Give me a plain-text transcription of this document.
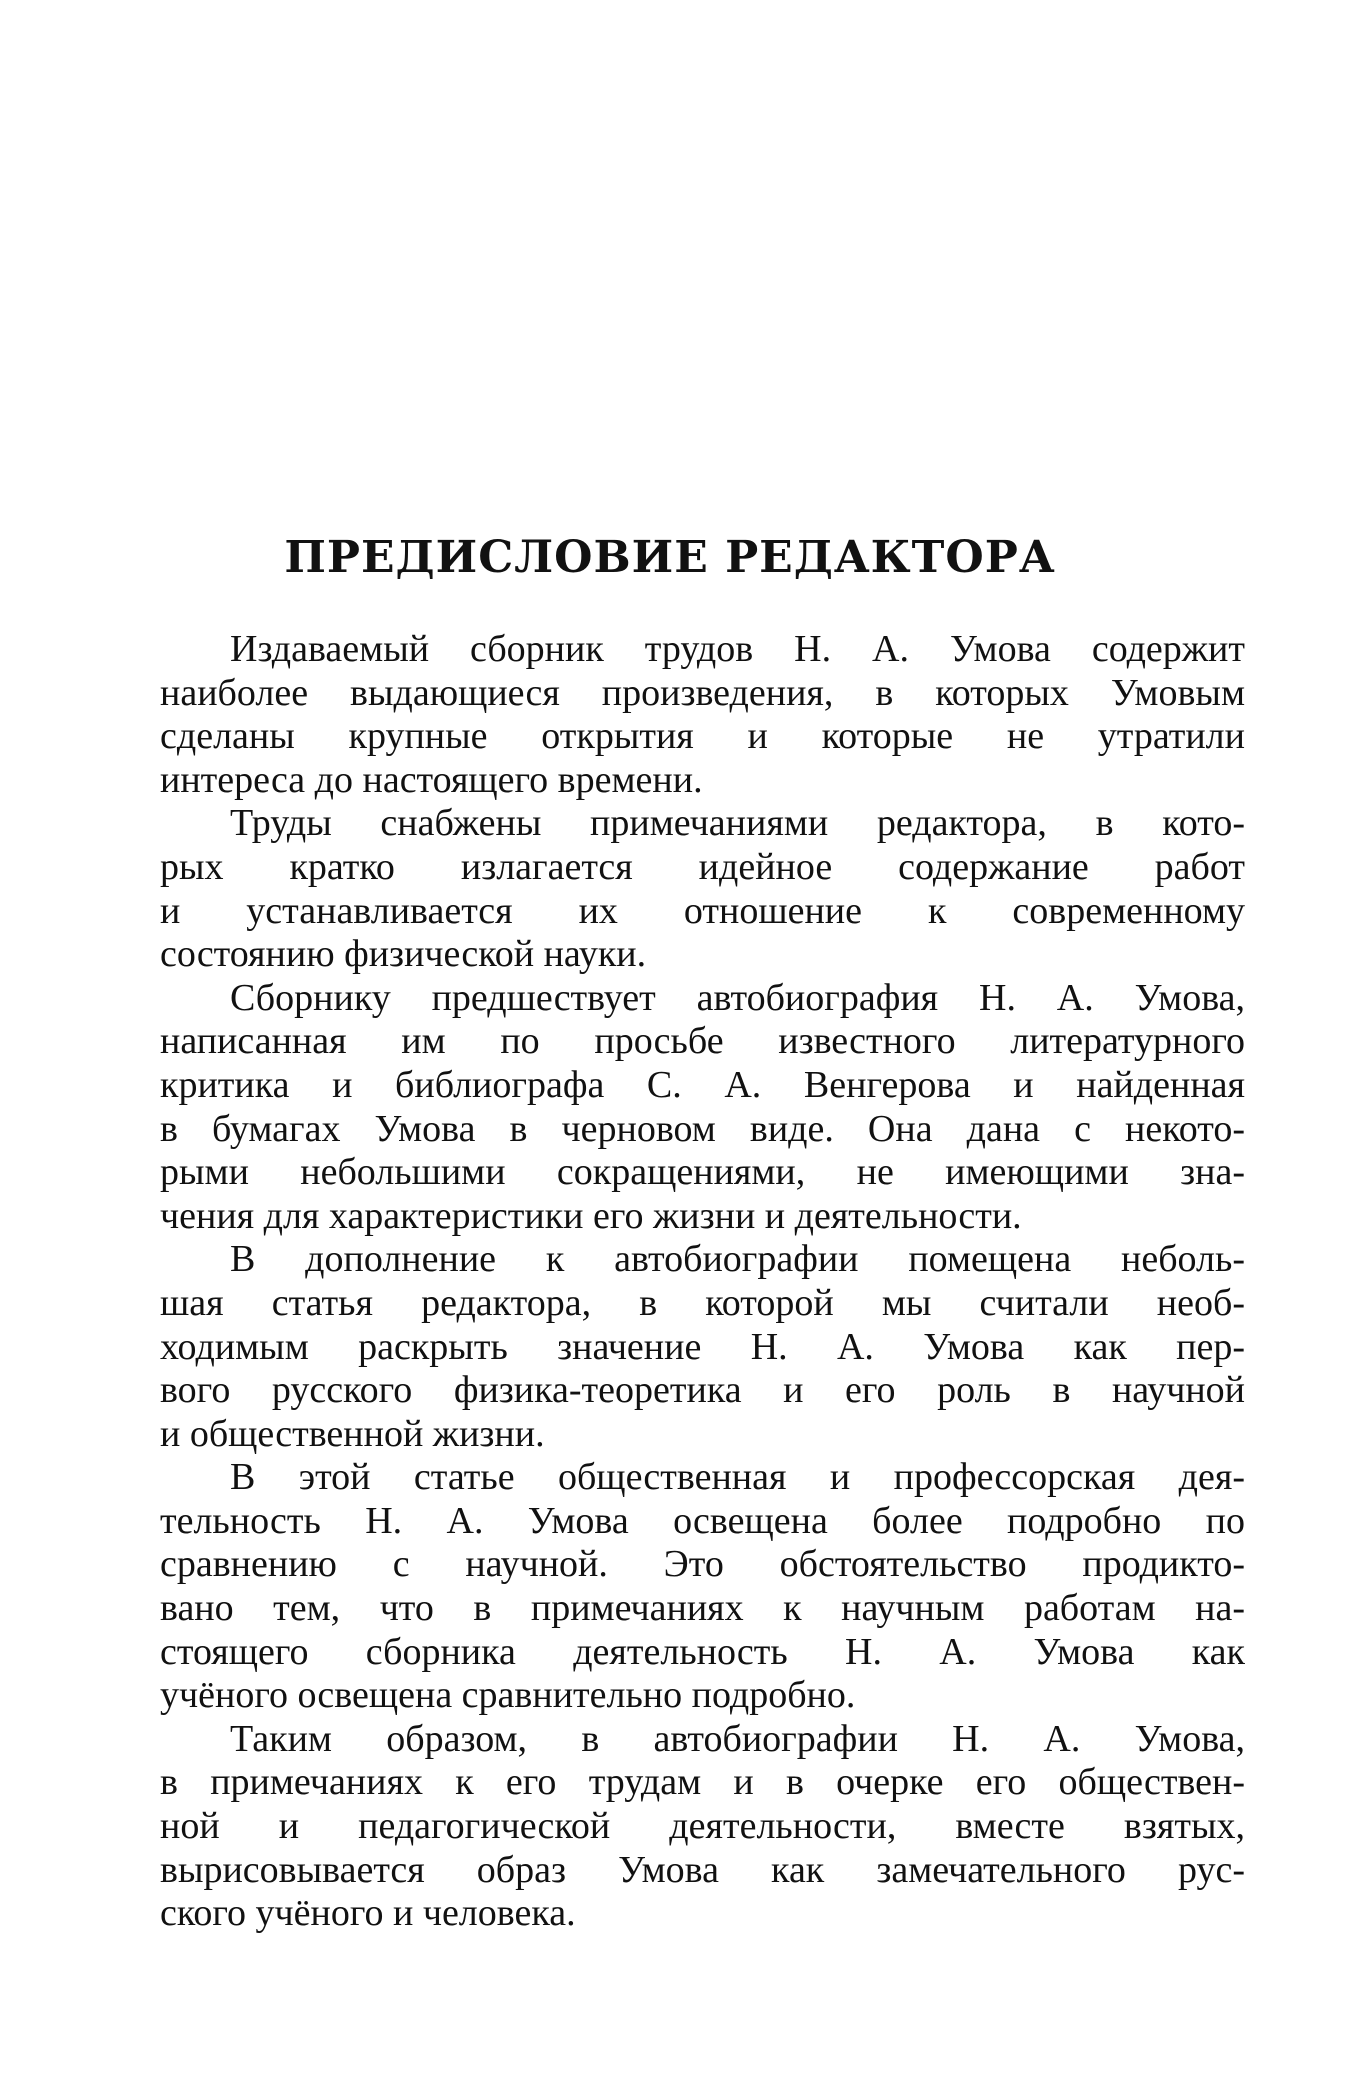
ПРЕДИСЛОВИЕ РЕДАКТОРА
Издаваемый сборник трудов Н. А. Умова содержит
наиболее выдающиеся произведения, в которых Умовым
сделаны крупные открытия и которые не утратили
интереса до настоящего времени.
Труды снабжены примечаниями редактора, в кото-
рых кратко излагается идейное содержание работ
и устанавливается их отношение к современному
состоянию физической науки.
Сборнику предшествует автобиография Н. А. Умова,
написанная им по просьбе известного литературного
критика и библиографа С. А. Венгерова и найденная
в бумагах Умова в черновом виде. Она дана с некото-
рыми небольшими сокращениями, не имеющими зна-
чения для характеристики его жизни и деятельности.
В дополнение к автобиографии помещена неболь-
шая статья редактора, в которой мы считали необ-
ходимым раскрыть значение Н. А. Умова как пер-
вого русского физика-теоретика и его роль в научной
и общественной жизни.
В этой статье общественная и профессорская дея-
тельность Н. А. Умова освещена более подробно по
сравнению с научной. Это обстоятельство продикто-
вано тем, что в примечаниях к научным работам на-
стоящего сборника деятельность Н. А. Умова как
учёного освещена сравнительно подробно.
Таким образом, в автобиографии Н. А. Умова,
в примечаниях к его трудам и в очерке его обществен-
ной и педагогической деятельности, вместе взятых,
вырисовывается образ Умова как замечательного рус-
ского учёного и человека.
